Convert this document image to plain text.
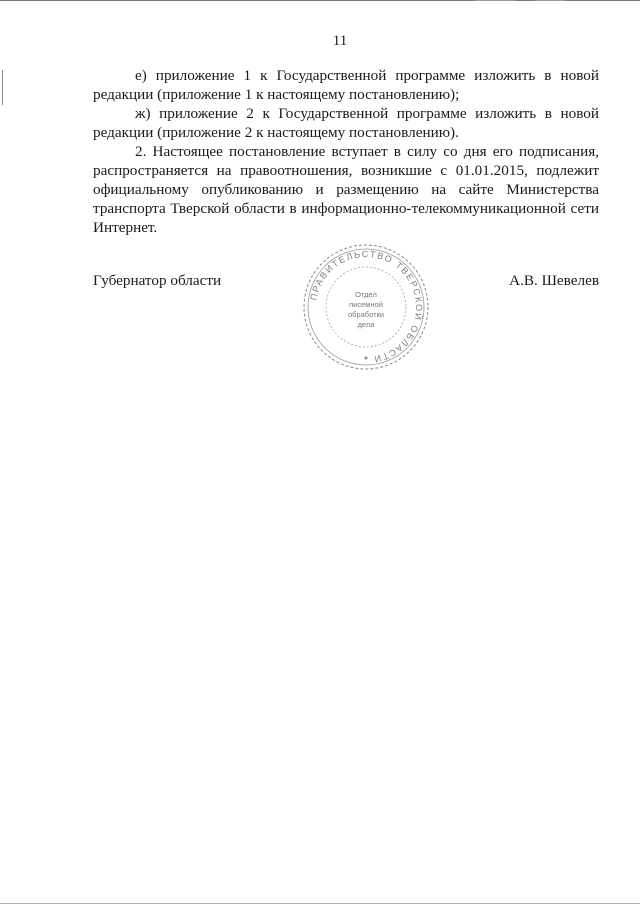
11

е) приложение 1 к Государственной программе изложить в новой редакции (приложение 1 к настоящему постановлению);

ж) приложение 2 к Государственной программе изложить в новой редакции (приложение 2 к настоящему постановлению).

2. Настоящее постановление вступает в силу со дня его подписания, распространяется на правоотношения, возникшие с 01.01.2015, подлежит официальному опубликованию и размещению на сайте Министерства транспорта Тверской области в информационно-телекоммуникационной сети Интернет.

Губернатор области	А.В. Шевелев
ПРАВИТЕЛЬСТВО ТВЕРСКОЙ ОБЛАСТИ
Отдел
писемной
обработки
дела
